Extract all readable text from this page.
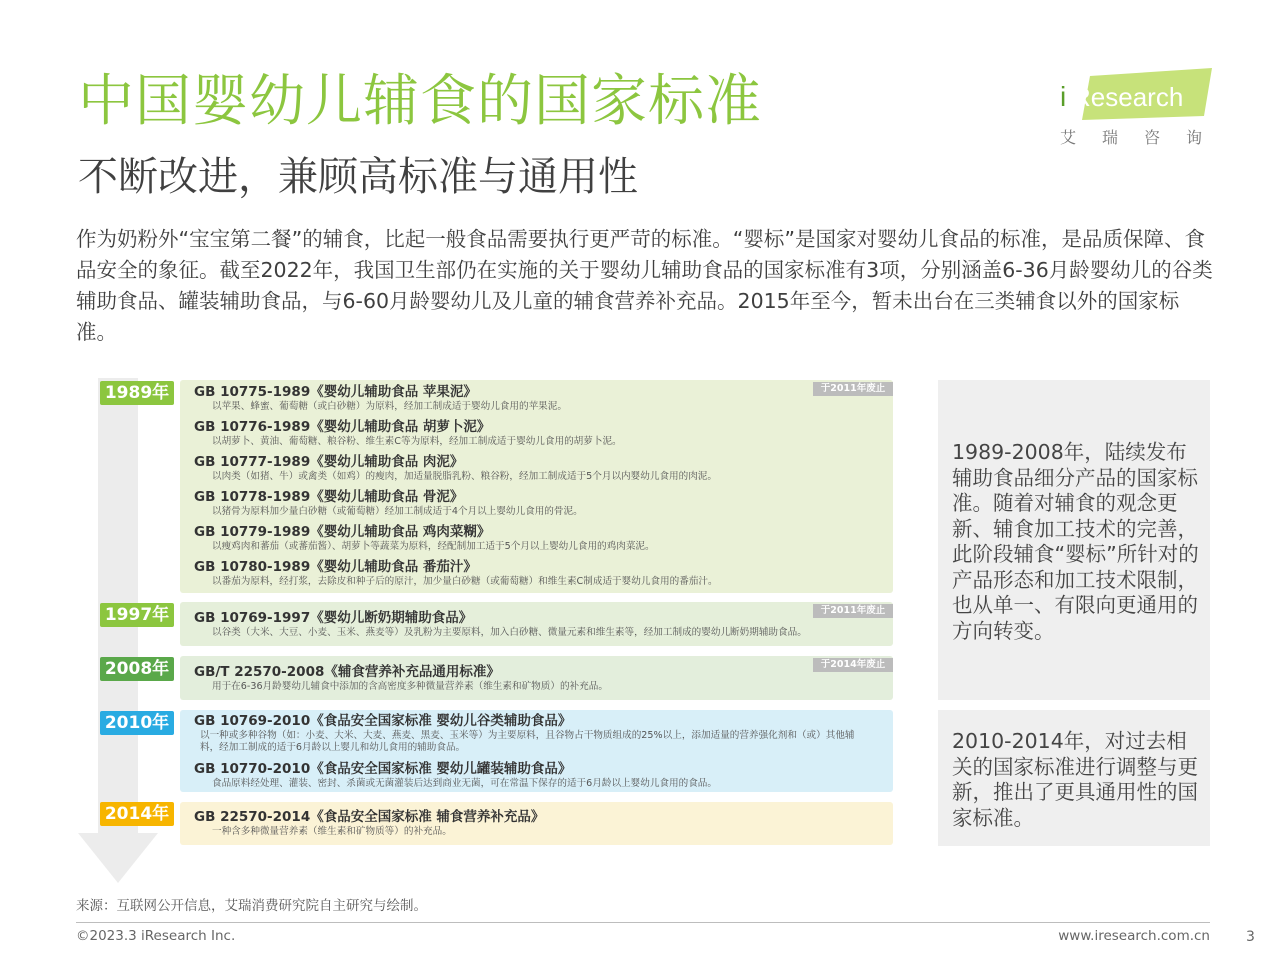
中国婴幼儿辅食的国家标准
不断改进，兼顾高标准与通用性
i Research
艾瑞咨询
作为奶粉外“宝宝第二餐”的辅食，比起一般食品需要执行更严苛的标准。“婴标”是国家对婴幼儿食品的标准，是品质保障、食品安全的象征。截至2022年，我国卫生部仍在实施的关于婴幼儿辅助食品的国家标准有3项，分别涵盖6-36月龄婴幼儿的谷类辅助食品、罐装辅助食品，与6-60月龄婴幼儿及儿童的辅食营养补充品。2015年至今，暂未出台在三类辅食以外的国家标准。
于2011年废止
1989年	GB 10775-1989《婴幼儿辅助食品 苹果泥》
以苹果、蜂蜜、葡萄糖（或白砂糖）为原料，经加工制成适于婴幼儿食用的苹果泥。
GB 10776-1989《婴幼儿辅助食品 胡萝卜泥》
以胡萝卜、黄油、葡萄糖、粮谷粉、维生素C等为原料，经加工制成适于婴幼儿食用的胡萝卜泥。
GB 10777-1989《婴幼儿辅助食品 肉泥》
以肉类（如猪、牛）或禽类（如鸡）的瘦肉，加适量脱脂乳粉、粮谷粉，经加工制成适于5个月以内婴幼儿食用的肉泥。
GB 10778-1989《婴幼儿辅助食品 骨泥》
以猪骨为原料加少量白砂糖（或葡萄糖）经加工制成适于4个月以上婴幼儿食用的骨泥。
GB 10779-1989《婴幼儿辅助食品 鸡肉菜糊》
以瘦鸡肉和蕃茄（或蕃茄酱）、胡萝卜等蔬菜为原料，经配制加工适于5个月以上婴幼儿食用的鸡肉菜泥。
GB 10780-1989《婴幼儿辅助食品 番茄汁》
以番茄为原料，经打浆，去除皮和种子后的原汁，加少量白砂糖（或葡萄糖）和维生素C制成适于婴幼儿食用的番茄汁。
于2011年废止
1997年	GB 10769-1997《婴幼儿断奶期辅助食品》
以谷类（大米、大豆、小麦、玉米、燕麦等）及乳粉为主要原料，加入白砂糖、微量元素和维生素等，经加工制成的婴幼儿断奶期辅助食品。
于2014年废止
2008年	GB/T 22570-2008《辅食营养补充品通用标准》
用于在6-36月龄婴幼儿辅食中添加的含高密度多种微量营养素（维生素和矿物质）的补充品。
2010年	GB 10769-2010《食品安全国家标准 婴幼儿谷类辅助食品》
以一种或多种谷物（如：小麦、大米、大麦、燕麦、黑麦、玉米等）为主要原料，且谷物占干物质组成的25%以上，添加适量的营养强化剂和（或）其他辅料，经加工制成的适于6月龄以上婴儿和幼儿食用的辅助食品。
GB 10770-2010《食品安全国家标准 婴幼儿罐装辅助食品》
食品原料经处理、灌装、密封、杀菌或无菌灌装后达到商业无菌，可在常温下保存的适于6月龄以上婴幼儿食用的食品。
2014年	GB 22570-2014《食品安全国家标准 辅食营养补充品》
一种含多种微量营养素（维生素和矿物质等）的补充品。
1989-2008年，陆续发布辅助食品细分产品的国家标准。随着对辅食的观念更新、辅食加工技术的完善，此阶段辅食“婴标”所针对的产品形态和加工技术限制，也从单一、有限向更通用的方向转变。
2010-2014年，对过去相关的国家标准进行调整与更新，推出了更具通用性的国家标准。
来源：互联网公开信息，艾瑞消费研究院自主研究与绘制。
©2023.3 iResearch Inc.	www.iresearch.com.cn	3
